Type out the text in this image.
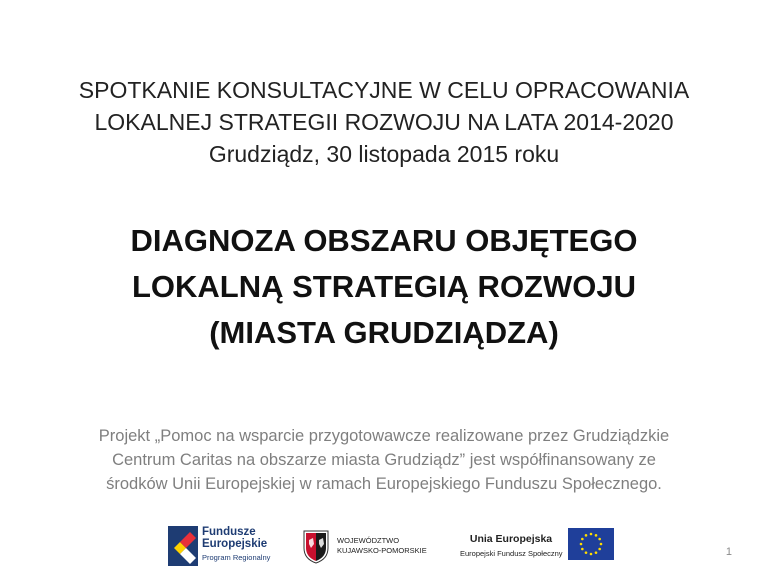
SPOTKANIE KONSULTACYJNE W CELU OPRACOWANIA
LOKALNEJ STRATEGII ROZWOJU NA LATA 2014-2020
Grudziądz, 30 listopada 2015 roku
DIAGNOZA OBSZARU OBJĘTEGO
LOKALNĄ STRATEGIĄ ROZWOJU
(MIASTA GRUDZIĄDZA)
Projekt „Pomoc na wsparcie przygotowawcze realizowane przez Grudziądzkie
Centrum Caritas na obszarze miasta Grudziądz” jest współfinansowany ze
środków Unii Europejskiej w ramach Europejskiego Funduszu Społecznego.
Fundusze
Europejskie
Program Regionalny
WOJEWÓDZTWO
KUJAWSKO-POMORSKIE
Unia Europejska
Europejski Fundusz Społeczny	1
